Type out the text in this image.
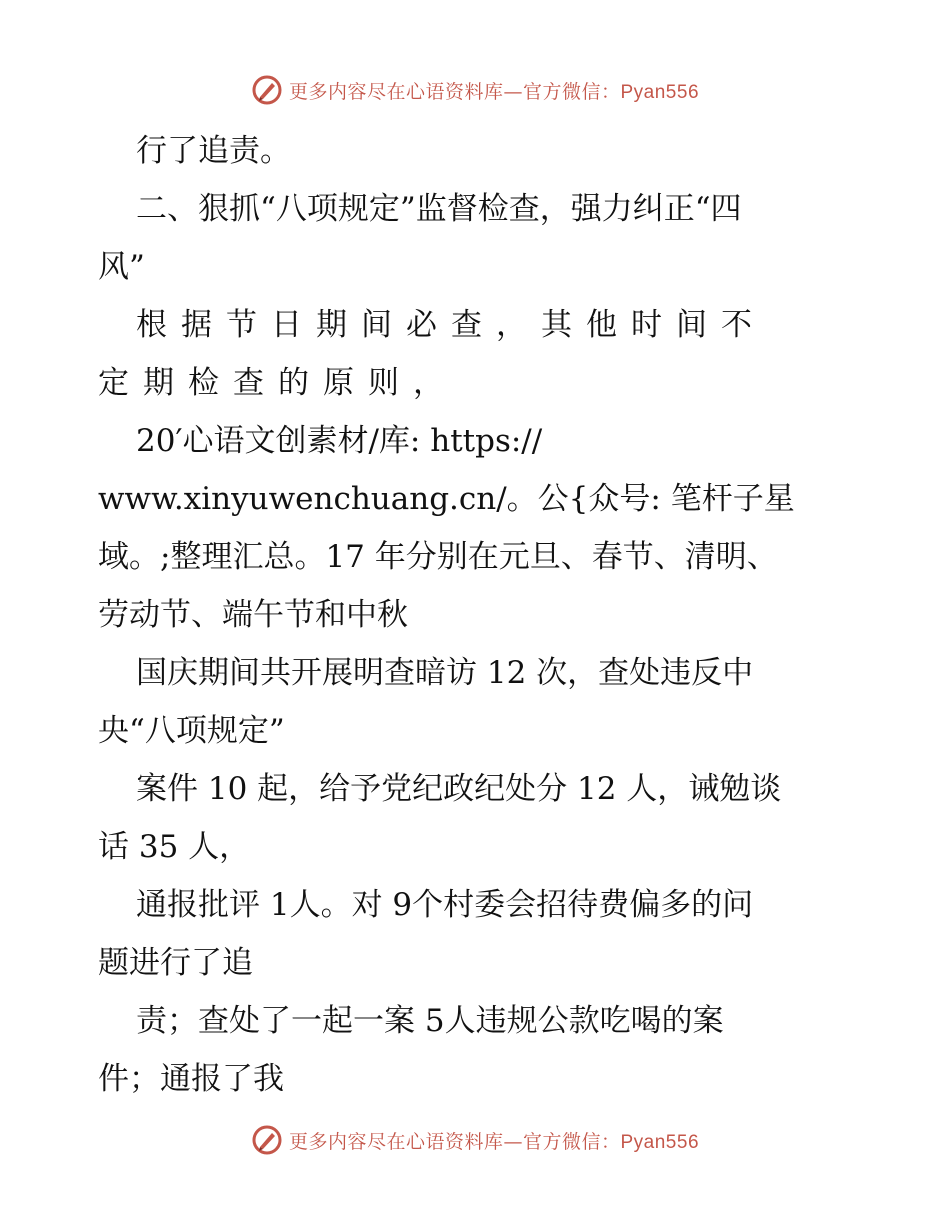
更多内容尽在心语资料库—官方微信：Pyan556
行了追责。
二、狠抓“八项规定”监督检查，强力纠正“四
风”
根据节日期间必查，其他时间不
定期检查的原则，
20′心语文创素材/库: https://
www.xinyuwenchuang.cn/。公{众号: 笔杆子星
域。;整理汇总。17 年分别在元旦、春节、清明、
劳动节、端午节和中秋
国庆期间共开展明查暗访 12 次，查处违反中
央“八项规定”
案件 10 起，给予党纪政纪处分 12 人，诫勉谈
话 35 人，
通报批评 1人。对 9个村委会招待费偏多的问
题进行了追
责；查处了一起一案 5人违规公款吃喝的案
件；通报了我
更多内容尽在心语资料库—官方微信：Pyan556
